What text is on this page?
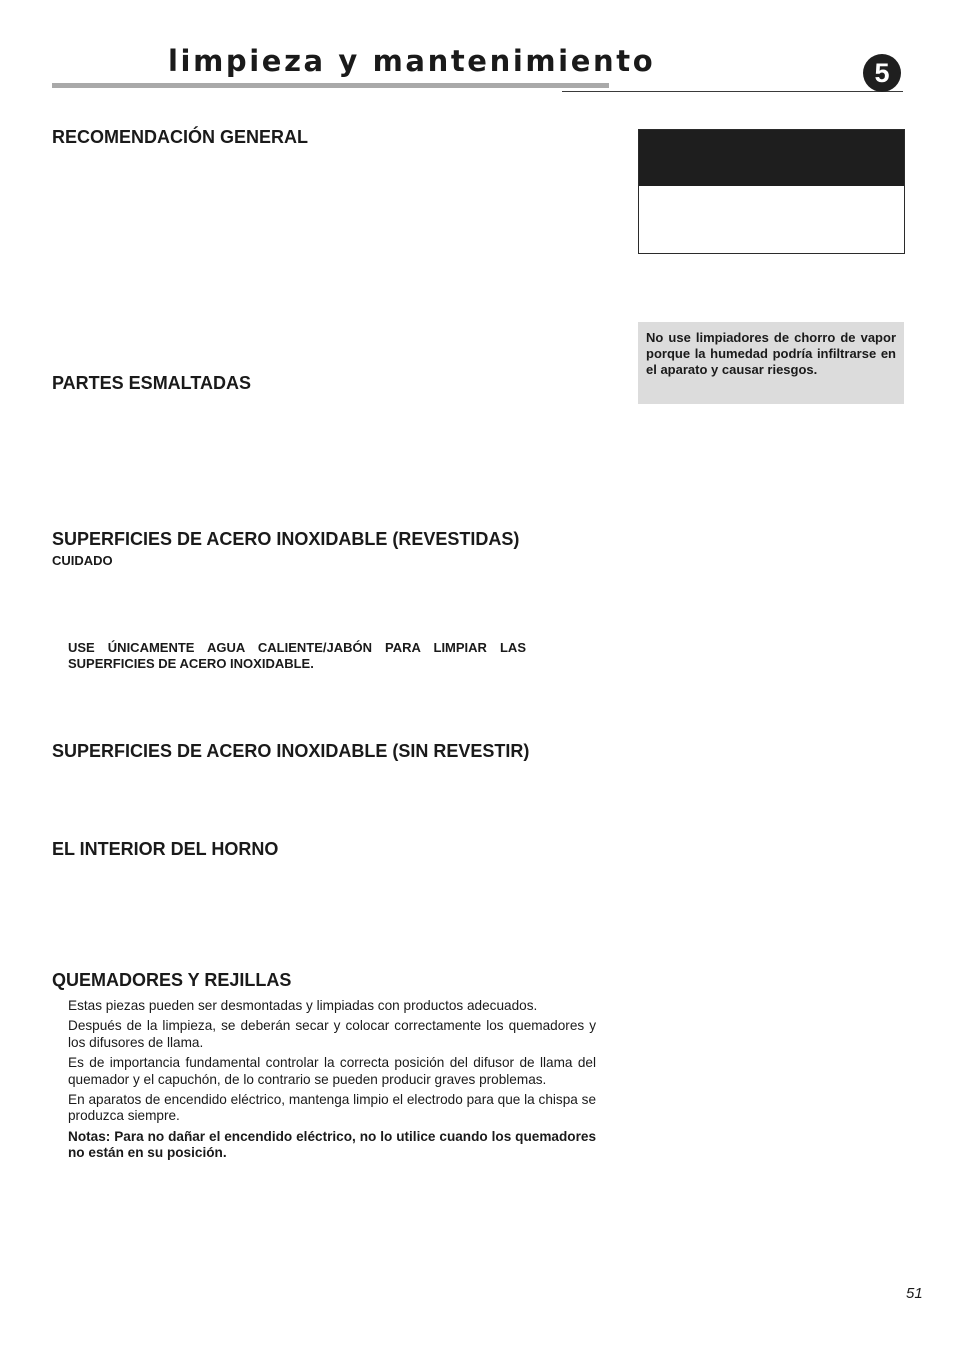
limpieza y mantenimiento	5
RECOMENDACIÓN GENERAL
No use limpiadores de chorro de vapor porque la humedad podría infiltrarse en el aparato y causar riesgos.
PARTES ESMALTADAS
SUPERFICIES DE ACERO INOXIDABLE (REVESTIDAS)
CUIDADO

USE ÚNICAMENTE AGUA CALIENTE/JABÓN PARA LIMPIAR LAS SUPERFICIES DE ACERO INOXIDABLE.

SUPERFICIES DE ACERO INOXIDABLE (SIN REVESTIR)
EL INTERIOR DEL HORNO
QUEMADORES Y REJILLAS

Estas piezas pueden ser desmontadas y limpiadas con productos adecuados.

Después de la limpieza, se deberán secar y colocar correctamente los quemadores y los difusores de llama.

Es de importancia fundamental controlar la correcta posición del difusor de llama del quemador y el capuchón, de lo contrario se pueden producir graves problemas.

En aparatos de encendido eléctrico, mantenga limpio el electrodo para que la chispa se produzca siempre.

Notas: Para no dañar el encendido eléctrico, no lo utilice cuando los quemadores no están en su posición.

51
